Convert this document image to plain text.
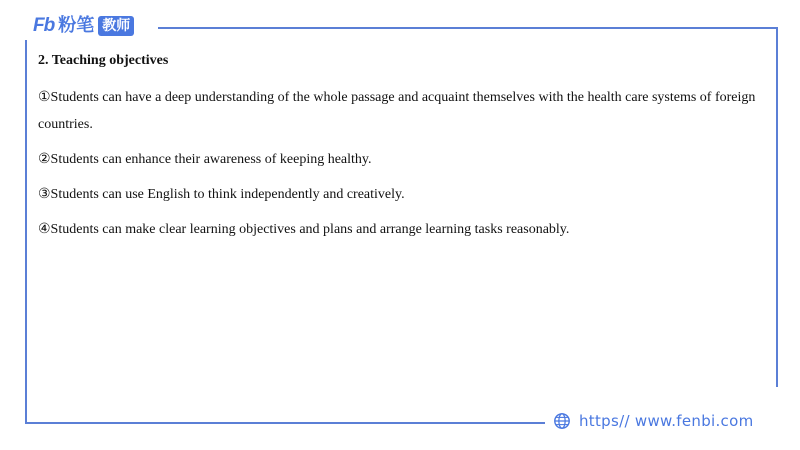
Fb 粉笔 教师

2. Teaching objectives

①Students can have a deep understanding of the whole passage and acquaint themselves with the health care systems of foreign countries.

②Students can enhance their awareness of keeping healthy.

③Students can use English to think independently and creatively.

④Students can make clear learning objectives and plans and arrange learning tasks reasonably.

https// www.fenbi.com
